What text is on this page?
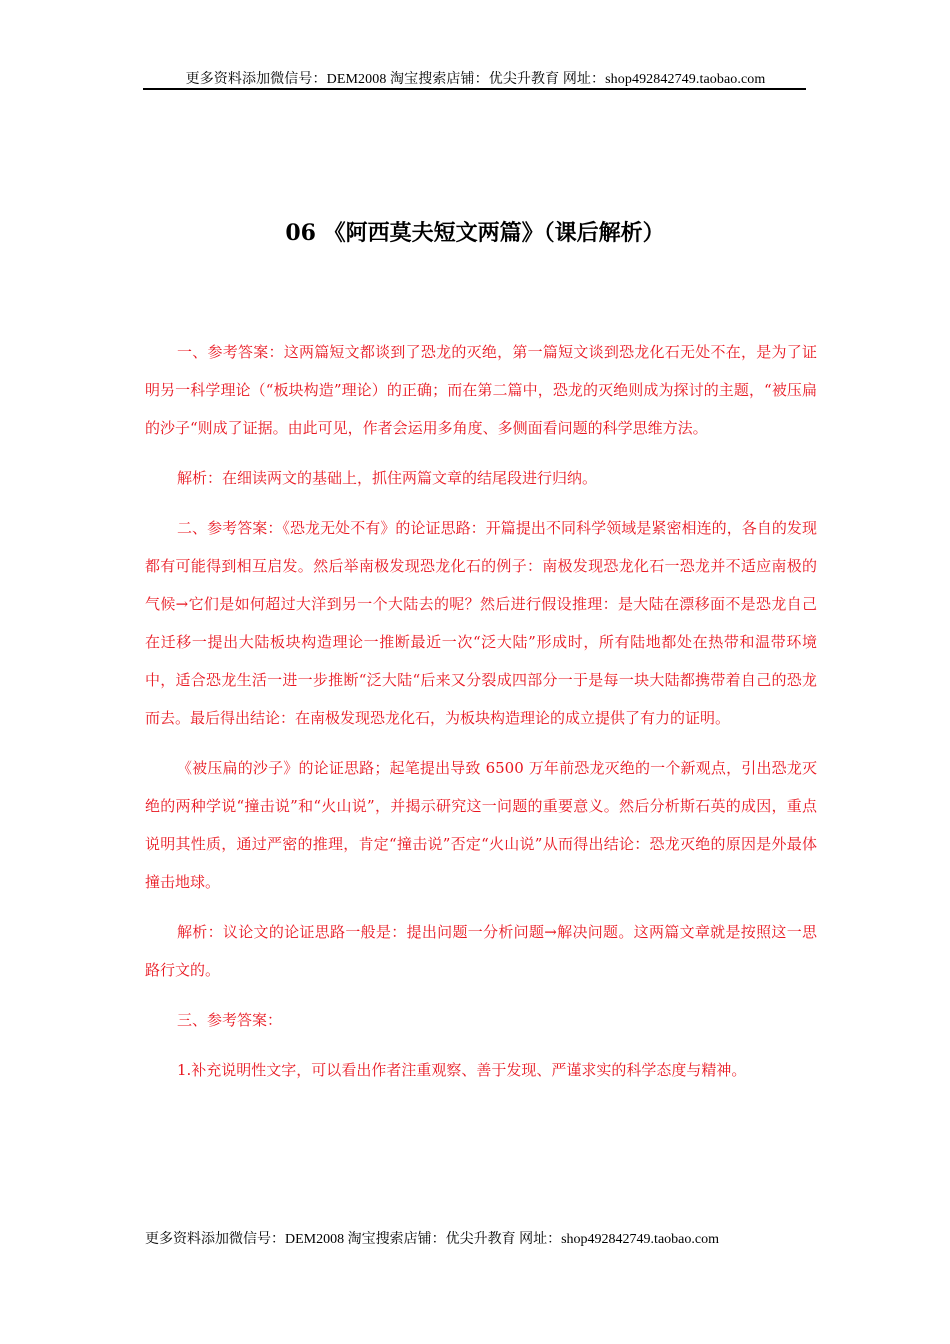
更多资料添加微信号：DEM2008 淘宝搜索店铺：优尖升教育 网址：shop492842749.taobao.com
06 《阿西莫夫短文两篇》（课后解析）

一、参考答案：这两篇短文都谈到了恐龙的灭绝，第一篇短文谈到恐龙化石无处不在，是为了证明另一科学理论（“板块构造”理论）的正确；而在第二篇中，恐龙的灭绝则成为探讨的主题，“被压扁的沙子“则成了证据。由此可见，作者会运用多角度、多侧面看问题的科学思维方法。

解析：在细读两文的基础上，抓住两篇文章的结尾段进行归纳。

二、参考答案：《恐龙无处不有》的论证思路：开篇提出不同科学领域是紧密相连的，各自的发现都有可能得到相互启发。然后举南极发现恐龙化石的例子：南极发现恐龙化石一恐龙并不适应南极的气候→它们是如何超过大洋到另一个大陆去的呢？然后进行假设推理：是大陆在漂移面不是恐龙自己在迁移一提出大陆板块构造理论一推断最近一次“泛大陆”形成时，所有陆地都处在热带和温带环境中，适合恐龙生活一进一步推断“泛大陆“后来又分裂成四部分一于是每一块大陆都携带着自己的恐龙而去。最后得出结论：在南极发现恐龙化石，为板块构造理论的成立提供了有力的证明。

《被压扁的沙子》的论证思路；起笔提出导致 6500 万年前恐龙灭绝的一个新观点，引出恐龙灭绝的两种学说“撞击说”和“火山说”，并揭示研究这一问题的重要意义。然后分析斯石英的成因，重点说明其性质，通过严密的推理，肯定“撞击说”否定“火山说”从而得出结论：恐龙灭绝的原因是外最体撞击地球。

解析：议论文的论证思路一般是：提出问题一分析问题→解决问题。这两篇文章就是按照这一思路行文的。

三、参考答案：

1.补充说明性文字，可以看出作者注重观察、善于发现、严谨求实的科学态度与精神。

更多资料添加微信号：DEM2008 淘宝搜索店铺：优尖升教育 网址：shop492842749.taobao.com
